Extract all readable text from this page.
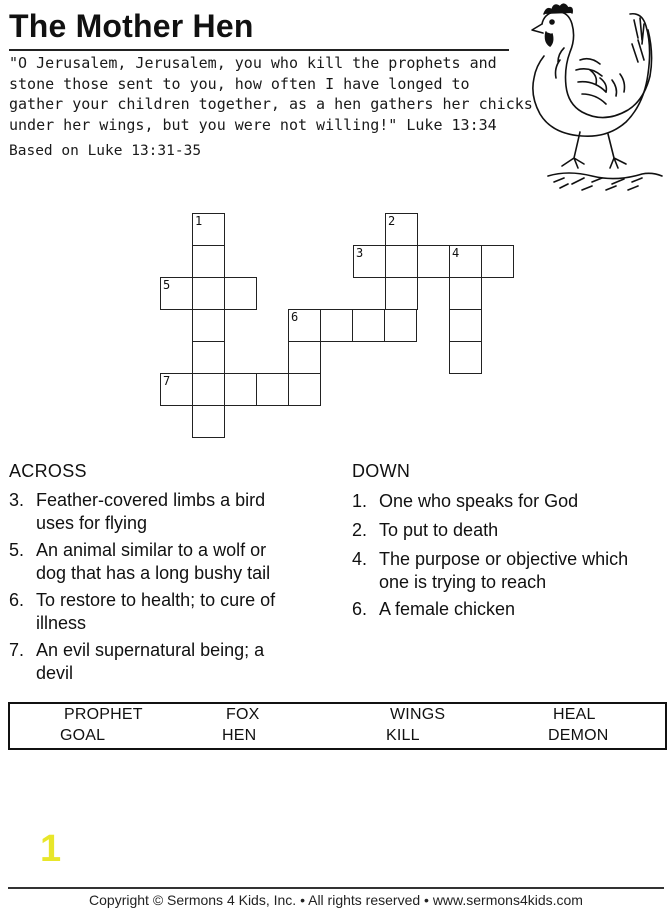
The Mother Hen
"O Jerusalem, Jerusalem, you who kill the prophets and
stone those sent to you, how often I have longed to
gather your children together, as a hen gathers her chicks
under her wings, but you were not willing!" Luke 13:34
Based on Luke 13:31-35
1
5
7
6
2
3	4
ACROSS
3. Feather-covered limbs a bird
uses for flying
5. An animal similar to a wolf or
dog that has a long bushy tail
6. To restore to health; to cure of
illness
7. An evil supernatural being; a
devil
DOWN
1. One who speaks for God
2. To put to death
4. The purpose or objective which
one is trying to reach
6. A female chicken
PROPHET	FOX	WINGS	HEAL
GOAL	HEN	KILL	DEMON
1
Copyright © Sermons 4 Kids, Inc. • All rights reserved • www.sermons4kids.com
